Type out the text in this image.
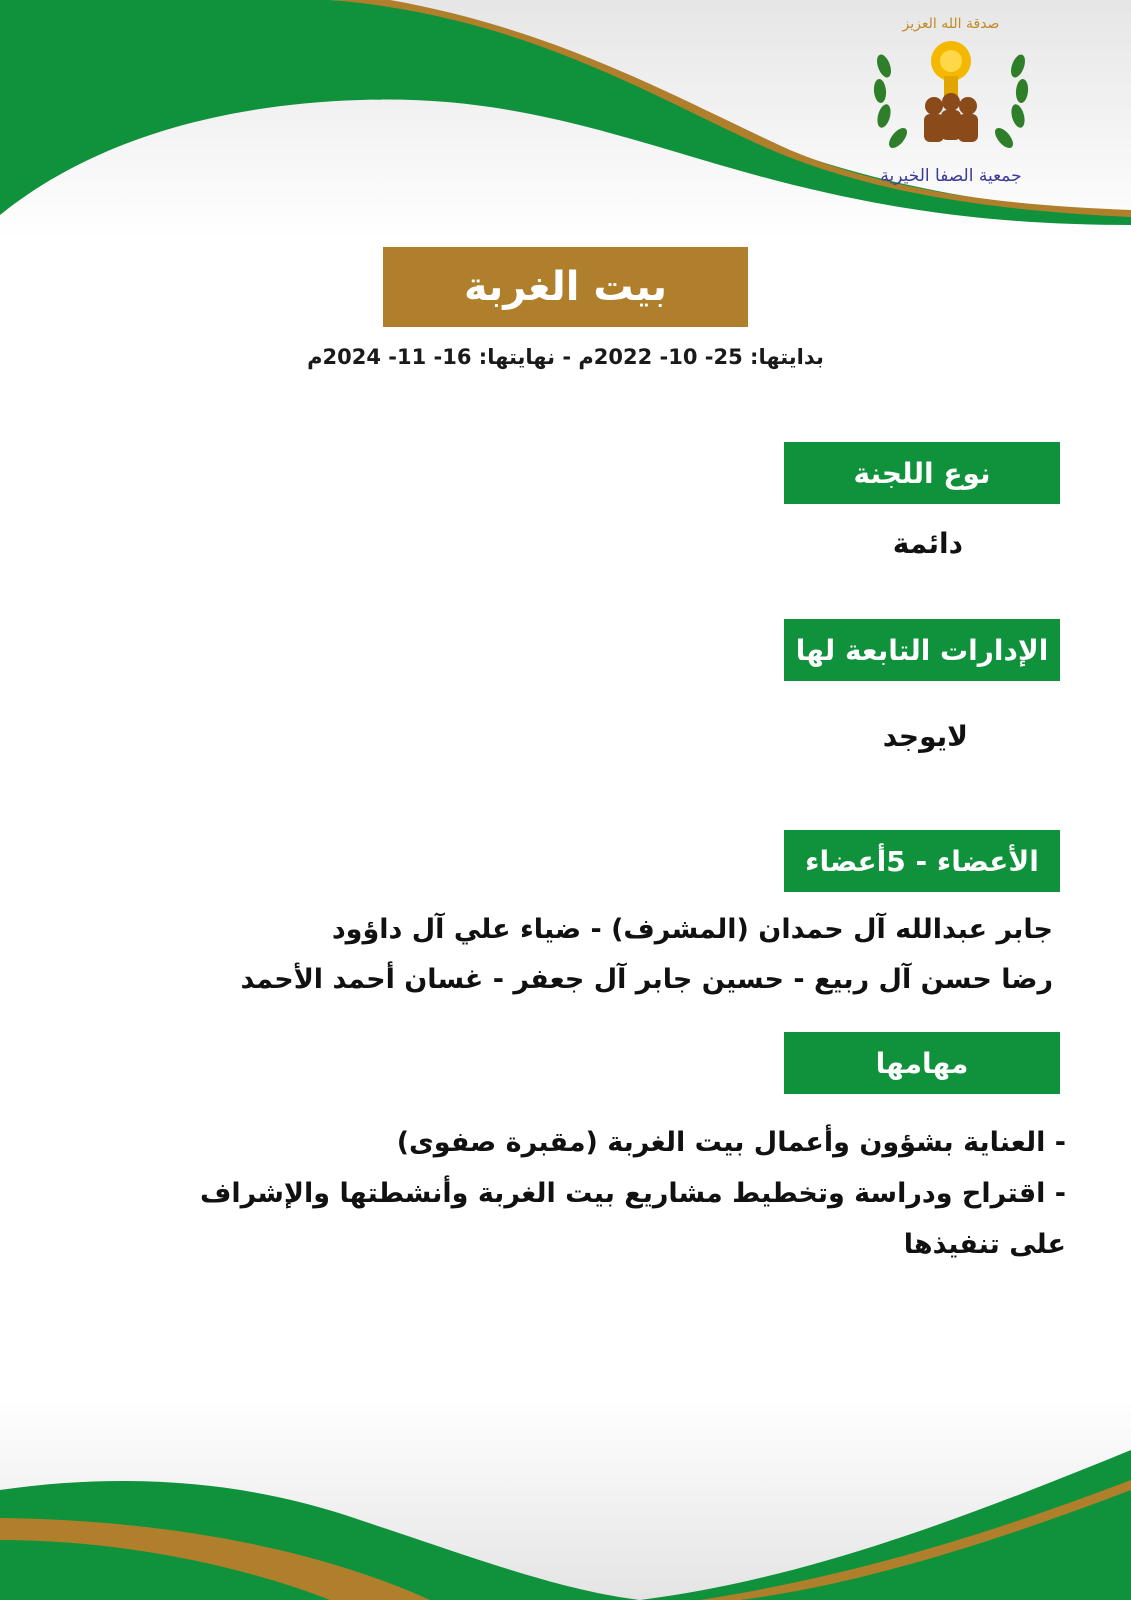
صدقة الله العزيز
جمعية الصفا الخيرية
بيت الغربة
بدايتها: 25- 10- 2022م - نهايتها: 16- 11- 2024م
نوع اللجنة
دائمة
الإدارات التابعة لها
لايوجد
الأعضاء - 5أعضاء
جابر عبدالله آل حمدان (المشرف) - ضياء علي آل داؤود
رضا حسن آل ربيع - حسين جابر آل جعفر - غسان أحمد الأحمد
مهامها
- العناية بشؤون وأعمال بيت الغربة (مقبرة صفوى)
- اقتراح ودراسة وتخطيط مشاريع بيت الغربة وأنشطتها والإشراف
على تنفيذها
